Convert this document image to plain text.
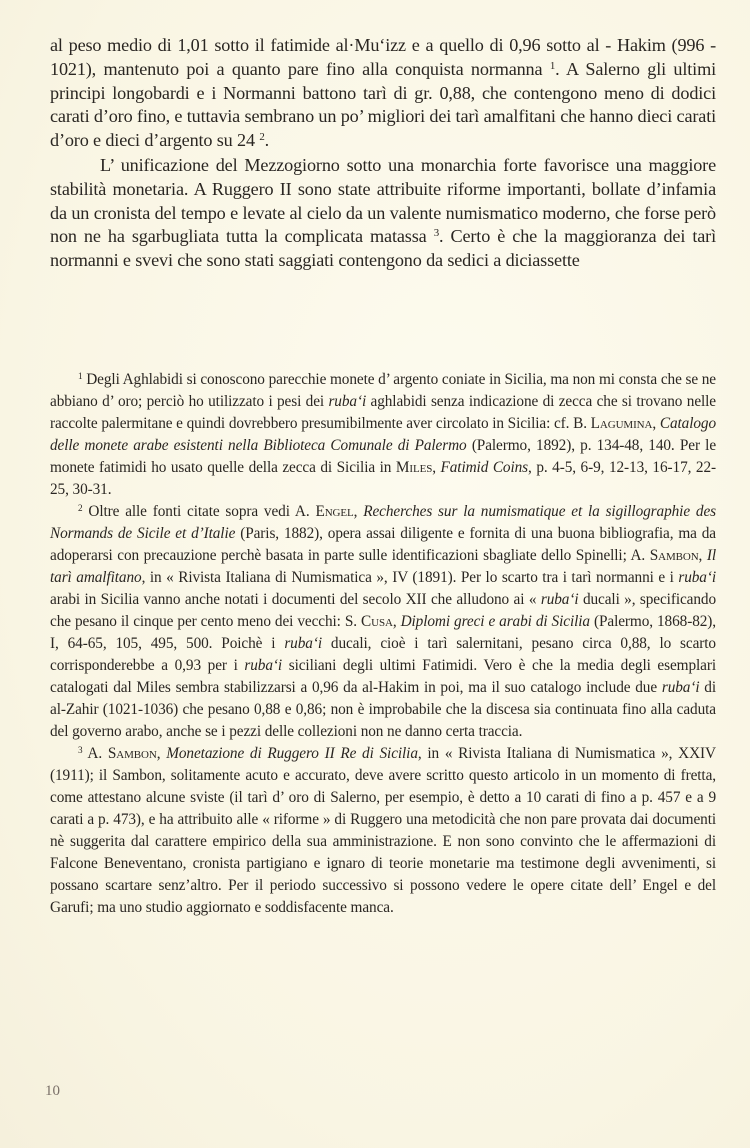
al peso medio di 1,01 sotto il fatimide al·Mu‘izz e a quello di 0,96 sotto al - Hakim (996 - 1021), mantenuto poi a quanto pare fino alla conquista normanna $^1$. A Salerno gli ultimi principi longobardi e i Normanni battono tarì di gr. 0,88, che contengono meno di dodici carati d’oro fino, e tuttavia sembrano un po’ migliori dei tarì amalfitani che hanno dieci carati d’oro e dieci d’argento su 24 $^2$.

L’ unificazione del Mezzogiorno sotto una monarchia forte favorisce una maggiore stabilità monetaria. A Ruggero II sono state attribuite riforme importanti, bollate d’infamia da un cronista del tempo e levate al cielo da un valente numismatico moderno, che forse però non ne ha sgarbugliata tutta la complicata matassa $^3$. Certo è che la maggioranza dei tarì normanni e svevi che sono stati saggiati contengono da sedici a diciassette

$^1$ Degli Aghlabidi si conoscono parecchie monete d’ argento coniate in Sicilia, ma non mi consta che se ne abbiano d’ oro; perciò ho utilizzato i pesi dei ruba‘i aghlabidi senza indicazione di zecca che si trovano nelle raccolte palermitane e quindi dovrebbero presumibilmente aver circolato in Sicilia: cf. B. Lagumina, Catalogo delle monete arabe esistenti nella Biblioteca Comunale di Palermo (Palermo, 1892), p. 134-48, 140. Per le monete fatimidi ho usato quelle della zecca di Sicilia in Miles, Fatimid Coins, p. 4-5, 6-9, 12-13, 16-17, 22-25, 30-31.

$^2$ Oltre alle fonti citate sopra vedi A. Engel, Recherches sur la numismatique et la sigillographie des Normands de Sicile et d’Italie (Paris, 1882), opera assai diligente e fornita di una buona bibliografia, ma da adoperarsi con precauzione perchè basata in parte sulle identificazioni sbagliate dello Spinelli; A. Sambon, Il tarì amalfitano, in « Rivista Italiana di Numismatica », IV (1891). Per lo scarto tra i tarì normanni e i ruba‘i arabi in Sicilia vanno anche notati i documenti del secolo XII che alludono ai « ruba‘i ducali », specificando che pesano il cinque per cento meno dei vecchi: S. Cusa, Diplomi greci e arabi di Sicilia (Palermo, 1868-82), I, 64-65, 105, 495, 500. Poichè i ruba‘i ducali, cioè i tarì salernitani, pesano circa 0,88, lo scarto corrisponderebbe a 0,93 per i ruba‘i siciliani degli ultimi Fatimidi. Vero è che la media degli esemplari catalogati dal Miles sembra stabilizzarsi a 0,96 da al-Hakim in poi, ma il suo catalogo include due ruba‘i di al-Zahir (1021-1036) che pesano 0,88 e 0,86; non è improbabile che la discesa sia continuata fino alla caduta del governo arabo, anche se i pezzi delle collezioni non ne danno certa traccia.

$^3$ A. Sambon, Monetazione di Ruggero II Re di Sicilia, in « Rivista Italiana di Numismatica », XXIV (1911); il Sambon, solitamente acuto e accurato, deve avere scritto questo articolo in un momento di fretta, come attestano alcune sviste (il tarì d’ oro di Salerno, per esempio, è detto a 10 carati di fino a p. 457 e a 9 carati a p. 473), e ha attribuito alle « riforme » di Ruggero una metodicità che non pare provata dai documenti nè suggerita dal carattere empirico della sua amministrazione. E non sono convinto che le affermazioni di Falcone Beneventano, cronista partigiano e ignaro di teorie monetarie ma testimone degli avvenimenti, si possano scartare senz’altro. Per il periodo successivo si possono vedere le opere citate dell’ Engel e del Garufi; ma uno studio aggiornato e soddisfacente manca.

10
